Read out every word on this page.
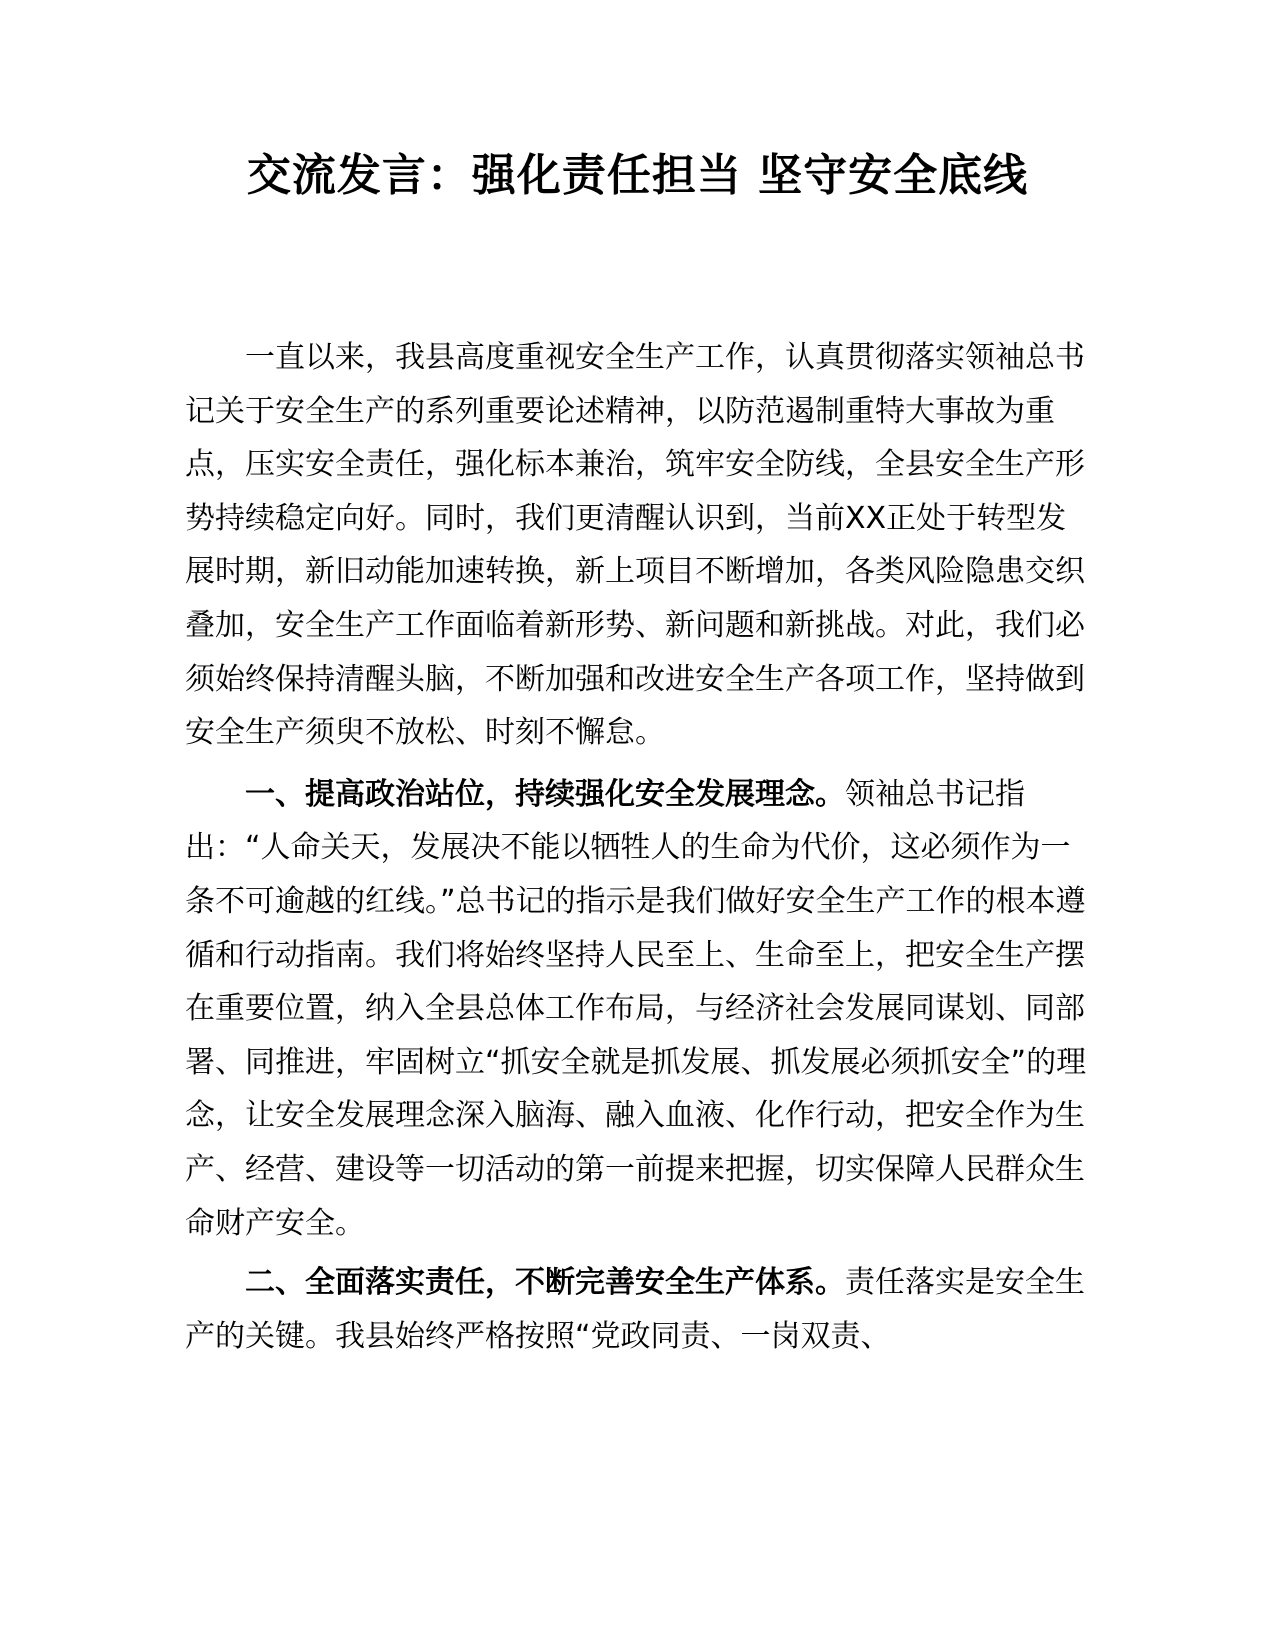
交流发言：强化责任担当 坚守安全底线

一直以来，我县高度重视安全生产工作，认真贯彻落实领袖总书记关于安全生产的系列重要论述精神，以防范遏制重特大事故为重点，压实安全责任，强化标本兼治，筑牢安全防线，全县安全生产形势持续稳定向好。同时，我们更清醒认识到，当前XX正处于转型发展时期，新旧动能加速转换，新上项目不断增加，各类风险隐患交织叠加，安全生产工作面临着新形势、新问题和新挑战。对此，我们必须始终保持清醒头脑，不断加强和改进安全生产各项工作，坚持做到安全生产须臾不放松、时刻不懈怠。

一、提高政治站位，持续强化安全发展理念。领袖总书记指出：“人命关天，发展决不能以牺牲人的生命为代价，这必须作为一条不可逾越的红线。”总书记的指示是我们做好安全生产工作的根本遵循和行动指南。我们将始终坚持人民至上、生命至上，把安全生产摆在重要位置，纳入全县总体工作布局，与经济社会发展同谋划、同部署、同推进，牢固树立“抓安全就是抓发展、抓发展必须抓安全”的理念，让安全发展理念深入脑海、融入血液、化作行动，把安全作为生产、经营、建设等一切活动的第一前提来把握，切实保障人民群众生命财产安全。

二、全面落实责任，不断完善安全生产体系。责任落实是安全生产的关键。我县始终严格按照“党政同责、一岗双责、
